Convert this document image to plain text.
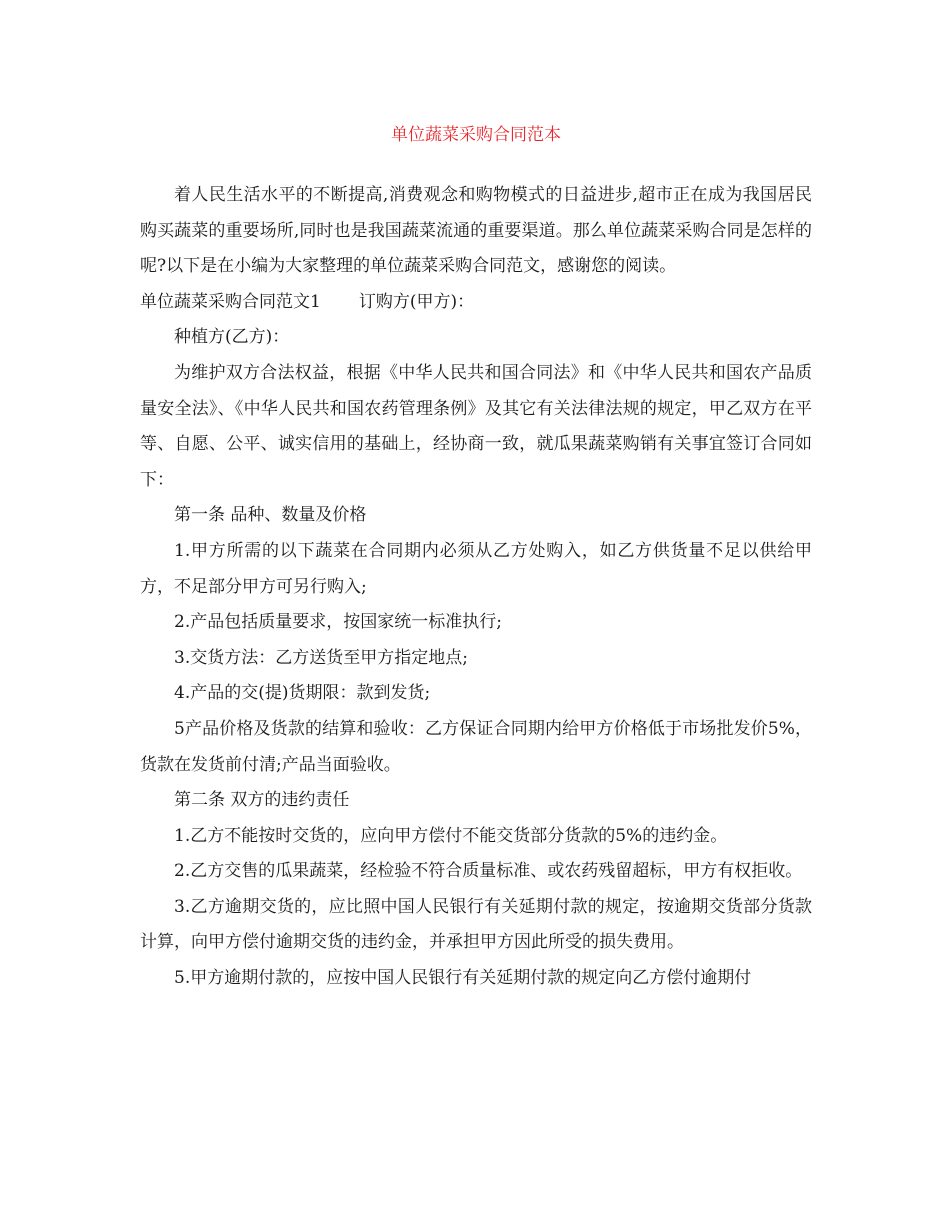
单位蔬菜采购合同范本

着人民生活水平的不断提高,消费观念和购物模式的日益进步,超市正在成为我国居民购买蔬菜的重要场所,同时也是我国蔬菜流通的重要渠道。那么单位蔬菜采购合同是怎样的呢?以下是在小编为大家整理的单位蔬菜采购合同范文，感谢您的阅读。

单位蔬菜采购合同范文1 订购方(甲方)：

种植方(乙方)：

为维护双方合法权益，根据《中华人民共和国合同法》和《中华人民共和国农产品质量安全法》、《中华人民共和国农药管理条例》及其它有关法律法规的规定，甲乙双方在平等、自愿、公平、诚实信用的基础上，经协商一致，就瓜果蔬菜购销有关事宜签订合同如下：

第一条 品种、数量及价格

1.甲方所需的以下蔬菜在合同期内必须从乙方处购入，如乙方供货量不足以供给甲方，不足部分甲方可另行购入;

2.产品包括质量要求，按国家统一标准执行;

3.交货方法：乙方送货至甲方指定地点;

4.产品的交(提)货期限：款到发货;

5产品价格及货款的结算和验收：乙方保证合同期内给甲方价格低于市场批发价5%，货款在发货前付清;产品当面验收。

第二条 双方的违约责任

1.乙方不能按时交货的，应向甲方偿付不能交货部分货款的5%的违约金。

2.乙方交售的瓜果蔬菜，经检验不符合质量标准、或农药残留超标，甲方有权拒收。

3.乙方逾期交货的，应比照中国人民银行有关延期付款的规定，按逾期交货部分货款计算，向甲方偿付逾期交货的违约金，并承担甲方因此所受的损失费用。

5.甲方逾期付款的，应按中国人民银行有关延期付款的规定向乙方偿付逾期付
